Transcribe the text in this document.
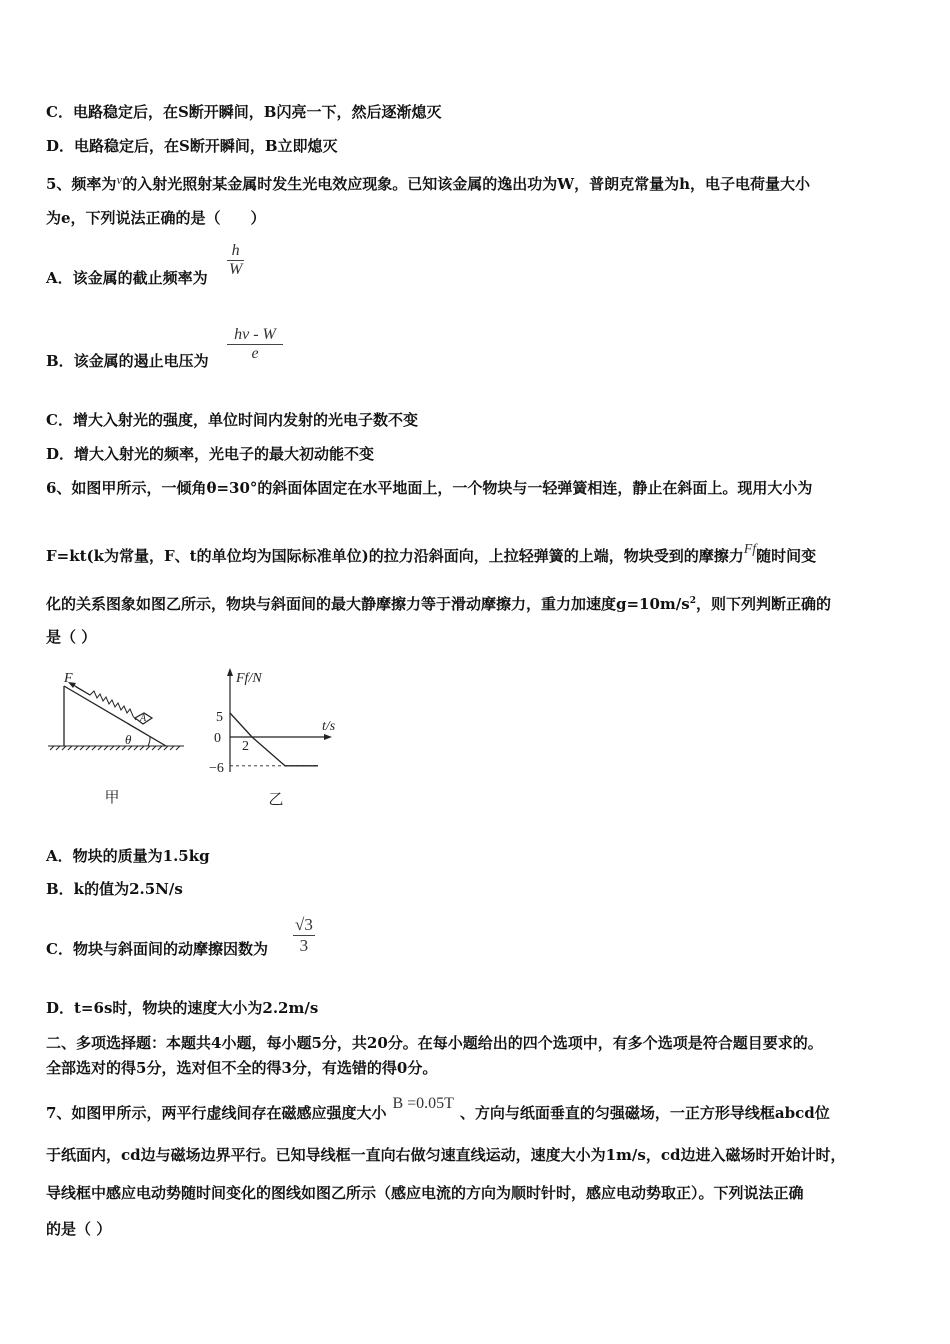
C．电路稳定后，在S断开瞬间，B闪亮一下，然后逐渐熄灭
D．电路稳定后，在S断开瞬间，B立即熄灭
5、频率为ν的入射光照射某金属时发生光电效应现象。已知该金属的逸出功为W，普朗克常量为h，电子电荷量大小
为e，下列说法正确的是（　　）
A．该金属的截止频率为 $\frac{h}{W}$
B．该金属的遏止电压为 $\frac{h\nu - W}{e}$
C．增大入射光的强度，单位时间内发射的光电子数不变
D．增大入射光的频率，光电子的最大初动能不变
6、如图甲所示，一倾角θ=30°的斜面体固定在水平地面上，一个物块与一轻弹簧相连，静止在斜面上。现用大小为
F=kt(k为常量，F、t的单位均为国际标准单位)的拉力沿斜面向，上拉轻弹簧的上端，物块受到的摩擦力Ff随时间变
化的关系图象如图乙所示，物块与斜面间的最大静摩擦力等于滑动摩擦力，重力加速度$g=10m/s^2$，则下列判断正确的
是（ ）
F
A
θ
甲
Ff/N
t/s
5
0
−6
2
乙
A．物块的质量为1.5kg
B．k的值为2.5N/s
C．物块与斜面间的动摩擦因数为 $\frac{√3}{3}$
D．t=6s时，物块的速度大小为2.2m/s
二、多项选择题：本题共4小题，每小题5分，共20分。在每小题给出的四个选项中，有多个选项是符合题目要求的。
全部选对的得5分，选对但不全的得3分，有选错的得0分。
7、如图甲所示，两平行虚线间存在磁感应强度大小B =0.05T、方向与纸面垂直的匀强磁场，一正方形导线框abcd位
于纸面内，cd边与磁场边界平行。已知导线框一直向右做匀速直线运动，速度大小为1m/s，cd边进入磁场时开始计时，
导线框中感应电动势随时间变化的图线如图乙所示（感应电流的方向为顺时针时，感应电动势取正）。下列说法正确
的是（ ）
